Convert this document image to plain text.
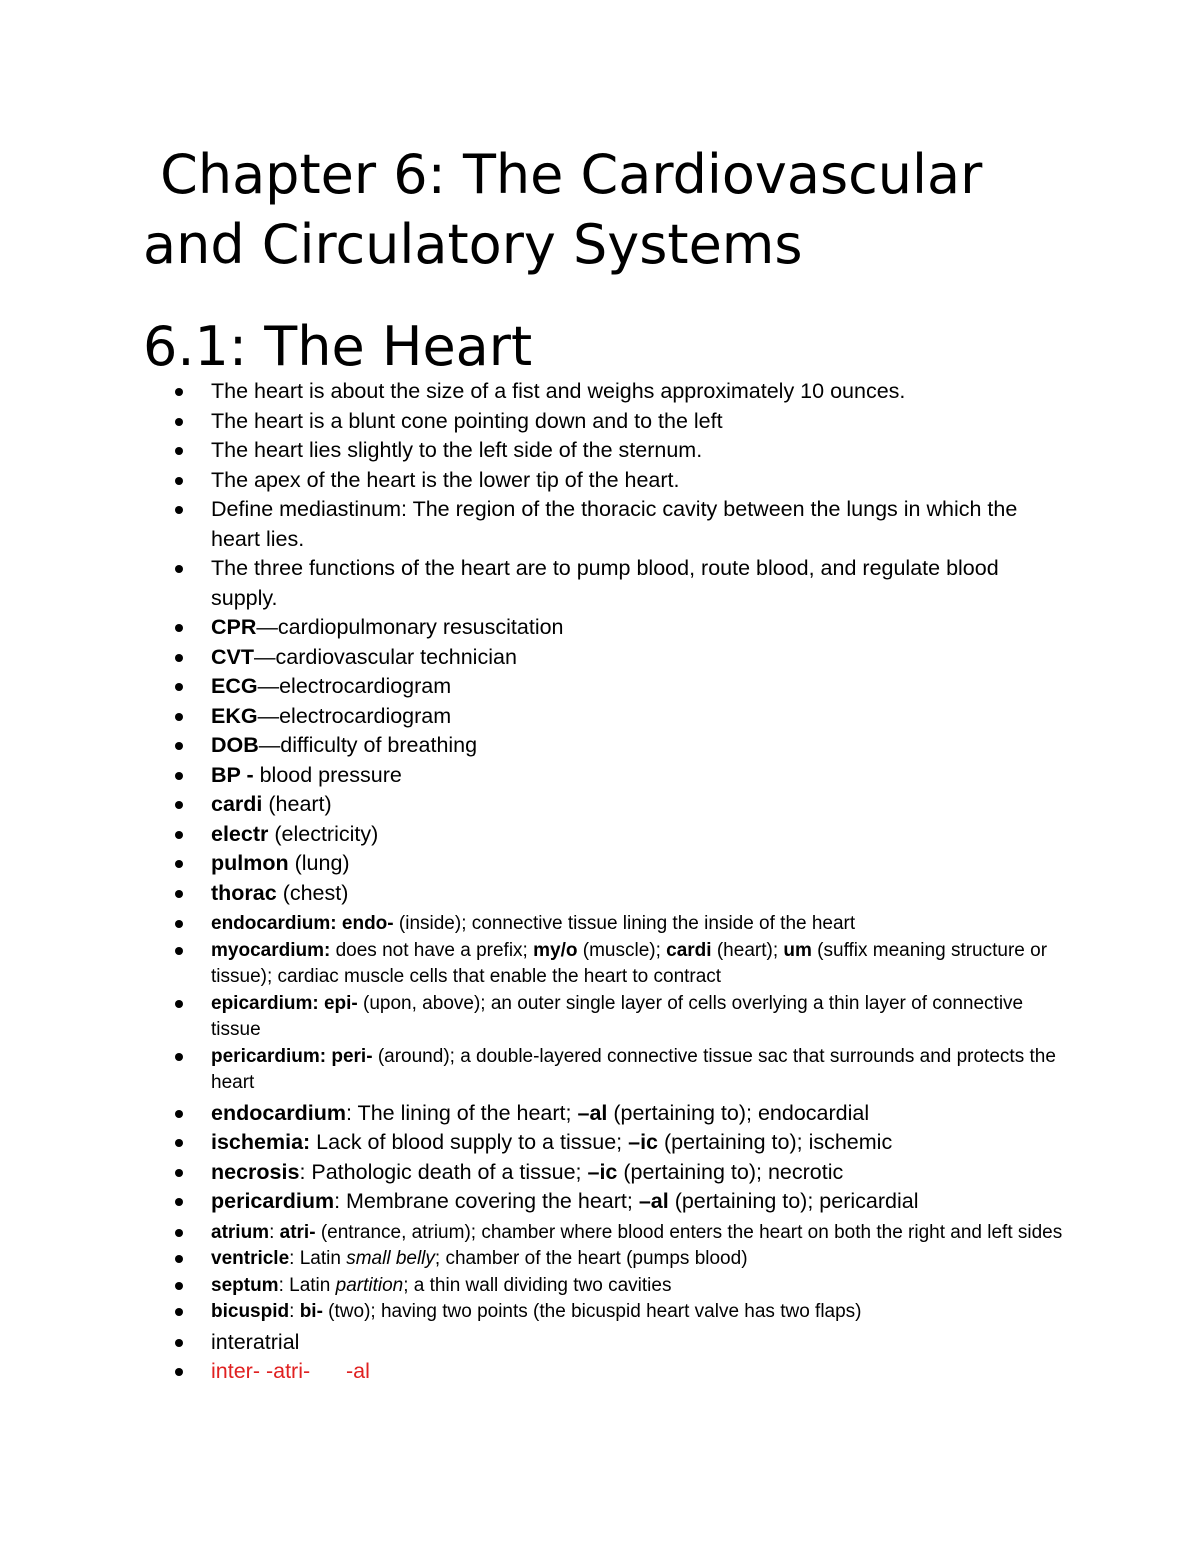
Chapter 6: The Cardiovascular
and Circulatory Systems
6.1: The Heart
The heart is about the size of a fist and weighs approximately 10 ounces.
The heart is a blunt cone pointing down and to the left
The heart lies slightly to the left side of the sternum.
The apex of the heart is the lower tip of the heart.
Define mediastinum: The region of the thoracic cavity between the lungs in which the heart lies.
The three functions of the heart are to pump blood, route blood, and regulate blood supply.
CPR—cardiopulmonary resuscitation
CVT—cardiovascular technician
ECG—electrocardiogram
EKG—electrocardiogram
DOB—difficulty of breathing
BP - blood pressure
cardi (heart)
electr (electricity)
pulmon (lung)
thorac (chest)
endocardium: endo- (inside); connective tissue lining the inside of the heart
myocardium: does not have a prefix; my/o (muscle); cardi (heart); um (suffix meaning structure or tissue); cardiac muscle cells that enable the heart to contract
epicardium: epi- (upon, above); an outer single layer of cells overlying a thin layer of connective tissue
pericardium: peri- (around); a double-layered connective tissue sac that surrounds and protects the heart
endocardium: The lining of the heart; –al (pertaining to); endocardial
ischemia: Lack of blood supply to a tissue; –ic (pertaining to); ischemic
necrosis: Pathologic death of a tissue; –ic (pertaining to); necrotic
pericardium: Membrane covering the heart; –al (pertaining to); pericardial
atrium: atri- (entrance, atrium); chamber where blood enters the heart on both the right and left sides
ventricle: Latin small belly; chamber of the heart (pumps blood)
septum: Latin partition; a thin wall dividing two cavities
bicuspid: bi- (two); having two points (the bicuspid heart valve has two flaps)
interatrial
inter- -atri- -al
